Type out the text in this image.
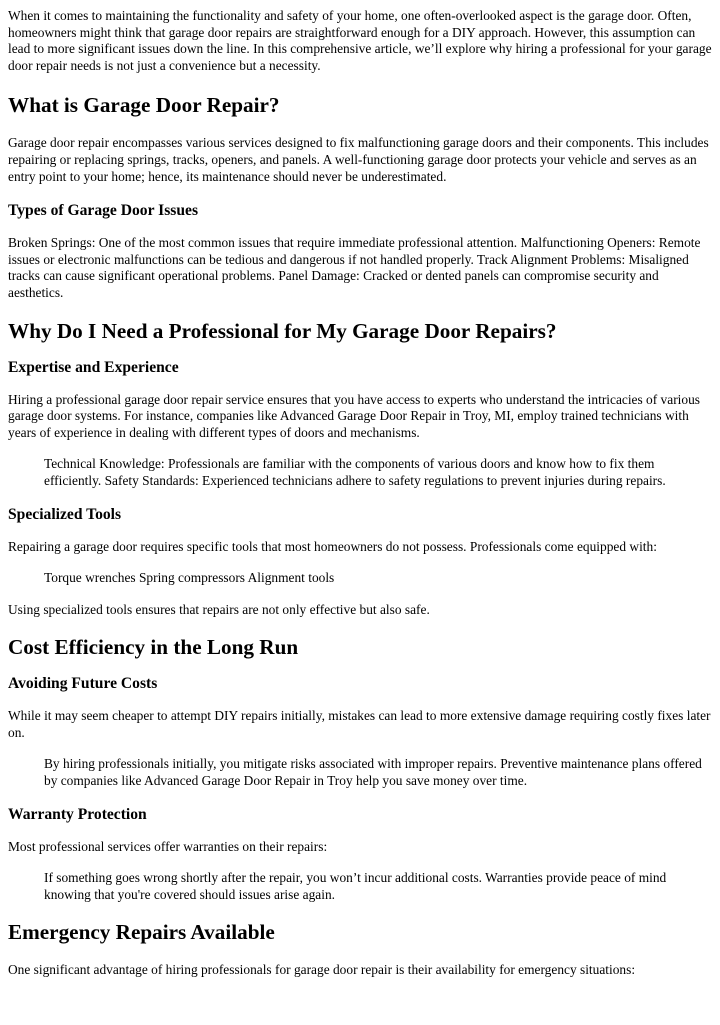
When it comes to maintaining the functionality and safety of your home, one often-overlooked aspect is the garage door. Often, homeowners might think that garage door repairs are straightforward enough for a DIY approach. However, this assumption can lead to more significant issues down the line. In this comprehensive article, we’ll explore why hiring a professional for your garage door repair needs is not just a convenience but a necessity.

What is Garage Door Repair?

Garage door repair encompasses various services designed to fix malfunctioning garage doors and their components. This includes repairing or replacing springs, tracks, openers, and panels. A well-functioning garage door protects your vehicle and serves as an entry point to your home; hence, its maintenance should never be underestimated.

Types of Garage Door Issues

Broken Springs: One of the most common issues that require immediate professional attention. Malfunctioning Openers: Remote issues or electronic malfunctions can be tedious and dangerous if not handled properly. Track Alignment Problems: Misaligned tracks can cause significant operational problems. Panel Damage: Cracked or dented panels can compromise security and aesthetics.

Why Do I Need a Professional for My Garage Door Repairs?
Expertise and Experience

Hiring a professional garage door repair service ensures that you have access to experts who understand the intricacies of various garage door systems. For instance, companies like Advanced Garage Door Repair in Troy, MI, employ trained technicians with years of experience in dealing with different types of doors and mechanisms.

Technical Knowledge: Professionals are familiar with the components of various doors and know how to fix them efficiently. Safety Standards: Experienced technicians adhere to safety regulations to prevent injuries during repairs.

Specialized Tools

Repairing a garage door requires specific tools that most homeowners do not possess. Professionals come equipped with:

Torque wrenches Spring compressors Alignment tools

Using specialized tools ensures that repairs are not only effective but also safe.

Cost Efficiency in the Long Run
Avoiding Future Costs

While it may seem cheaper to attempt DIY repairs initially, mistakes can lead to more extensive damage requiring costly fixes later on.

By hiring professionals initially, you mitigate risks associated with improper repairs. Preventive maintenance plans offered by companies like Advanced Garage Door Repair in Troy help you save money over time.

Warranty Protection

Most professional services offer warranties on their repairs:

If something goes wrong shortly after the repair, you won’t incur additional costs. Warranties provide peace of mind knowing that you're covered should issues arise again.

Emergency Repairs Available

One significant advantage of hiring professionals for garage door repair is their availability for emergency situations:
